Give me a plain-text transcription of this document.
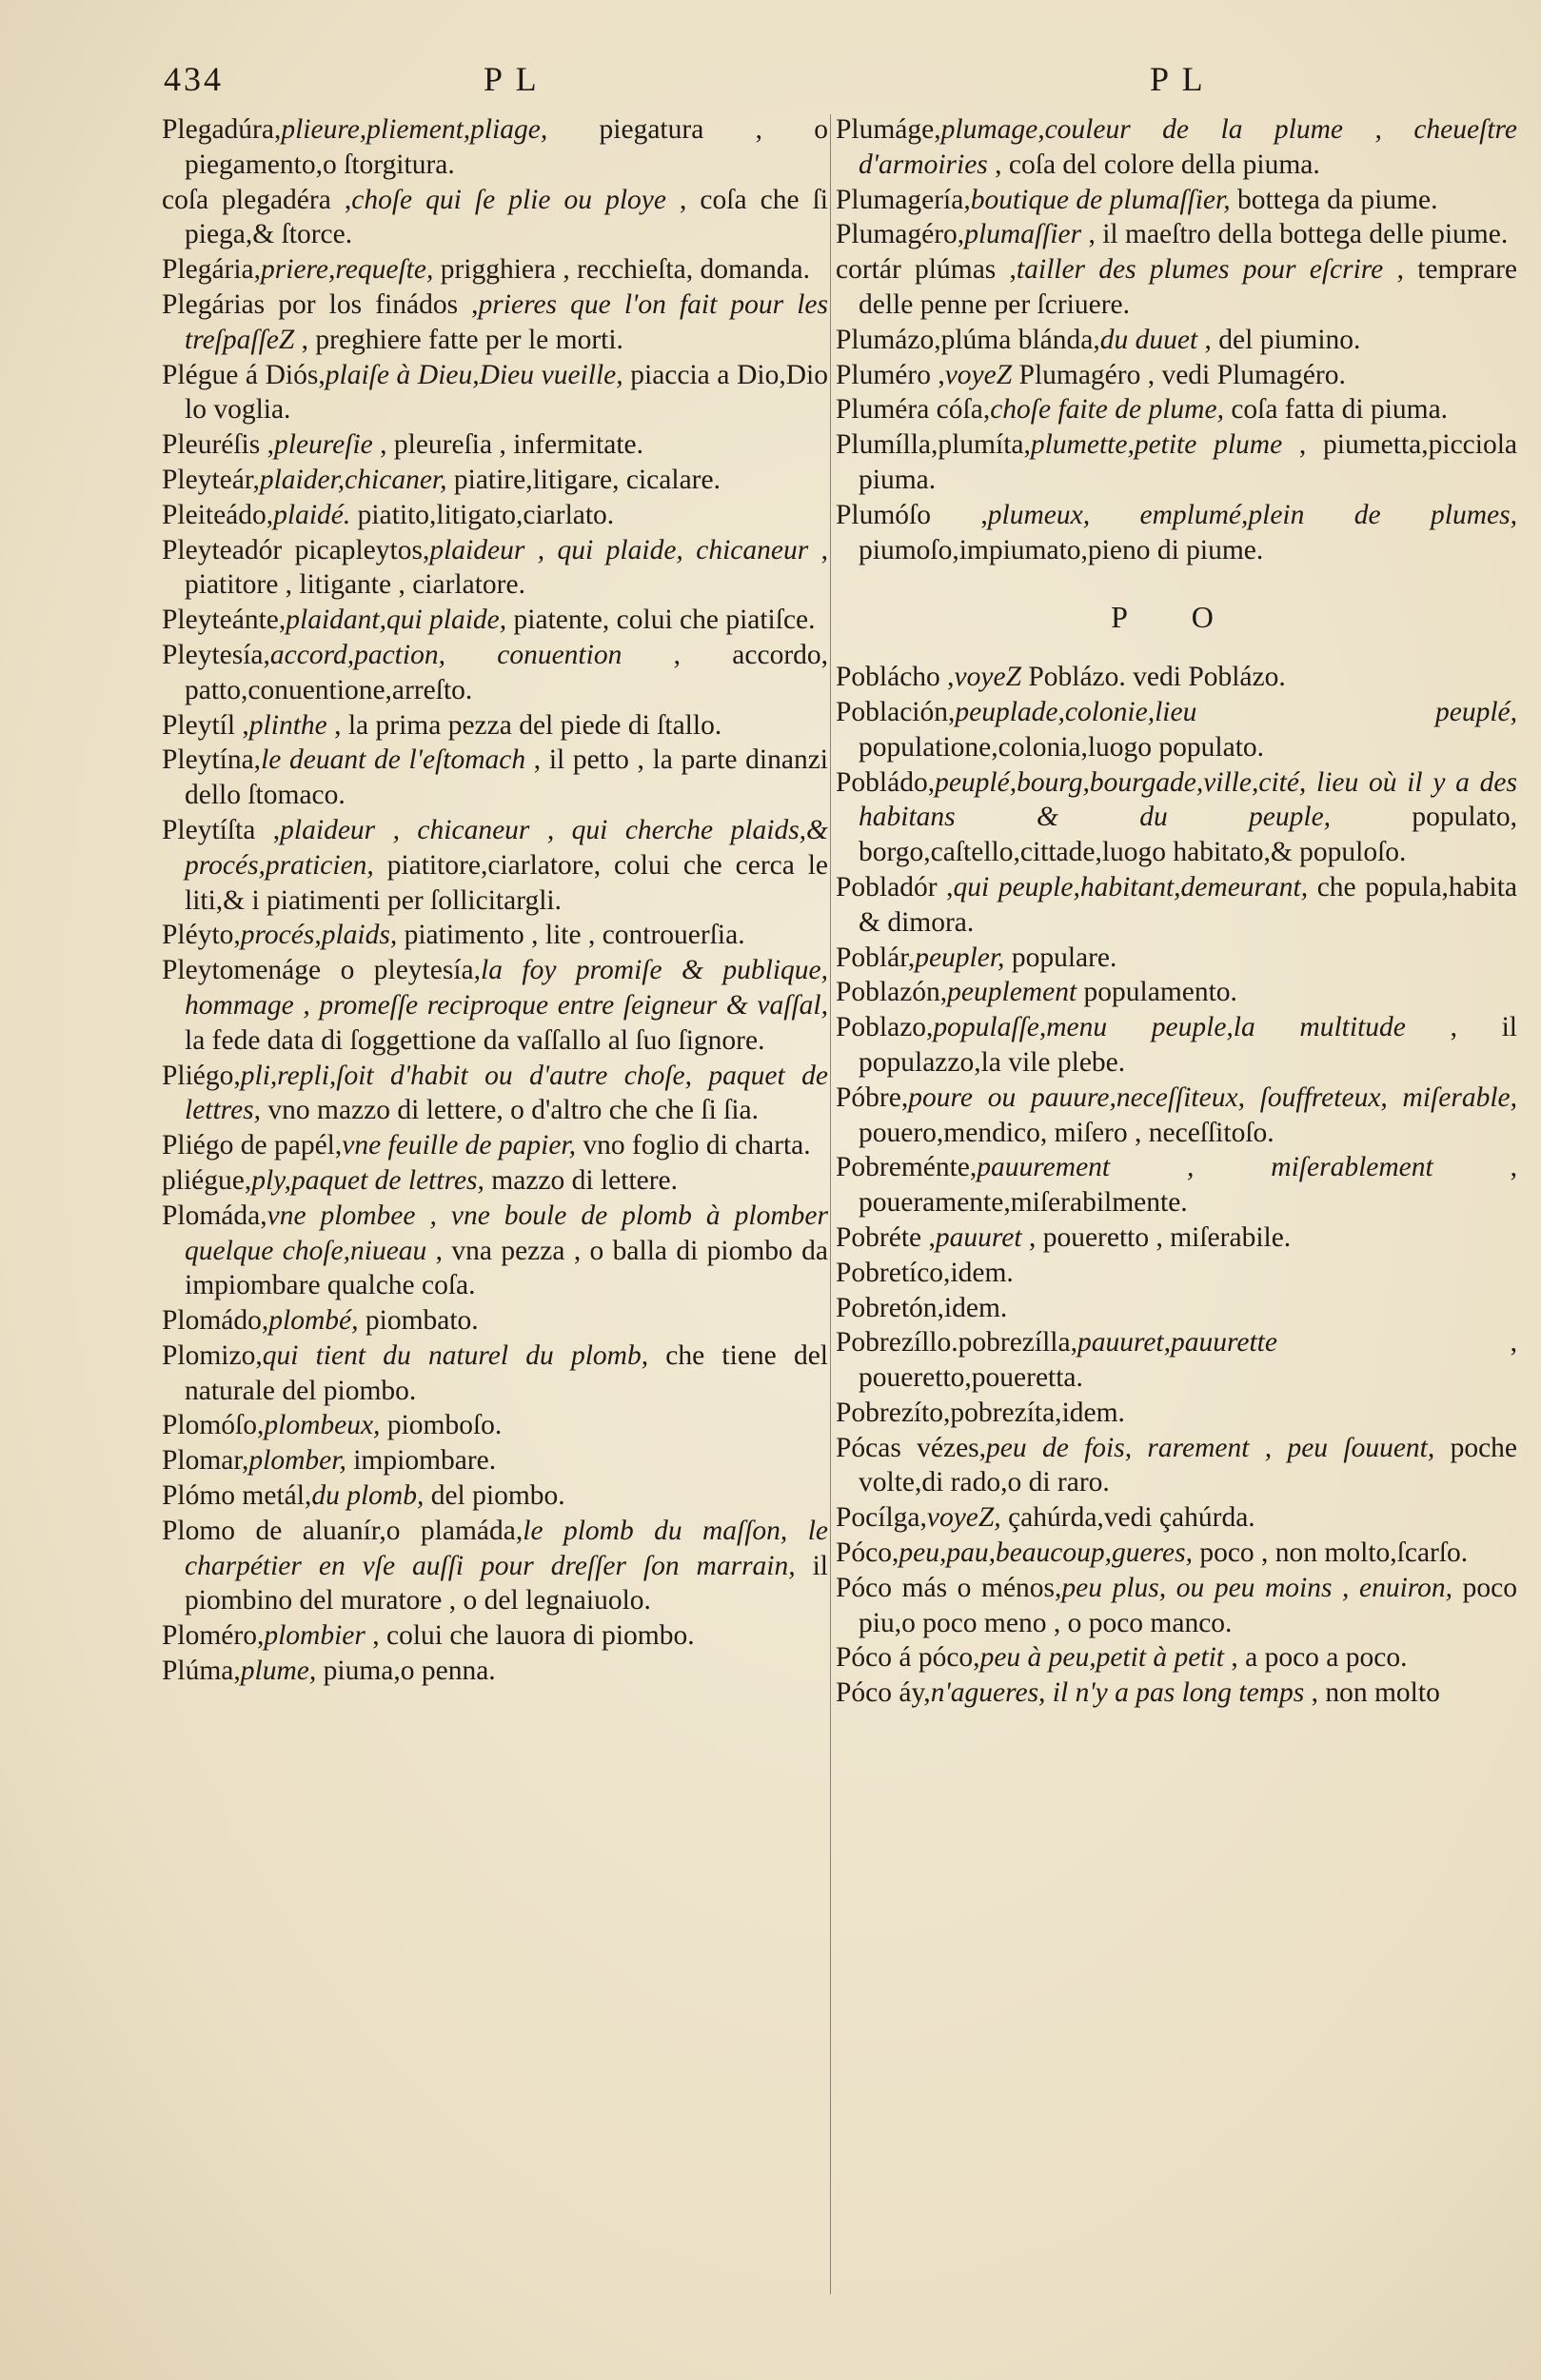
434	P L	P L

Plegadúra,plieure,pliement,pliage, piegatura , o piegamento,o ſtorgitura.

coſa plegadéra ,choſe qui ſe plie ou ploye , coſa che ſi piega,& ſtorce.

Plegária,priere,requeſte, prigghiera , recchieſta, domanda.

Plegárias por los finádos ,prieres que l'on fait pour les treſpaſſeZ , preghiere fatte per le morti.

Plégue á Diós,plaiſe à Dieu,Dieu vueille, piaccia a Dio,Dio lo voglia.

Pleuréſis ,pleureſie , pleureſia , infermitate.

Pleyteár,plaider,chicaner, piatire,litigare, cicalare.

Pleiteádo,plaidé. piatito,litigato,ciarlato.

Pleyteadór picapleytos,plaideur , qui plaide, chicaneur , piatitore , litigante , ciarlatore.

Pleyteánte,plaidant,qui plaide, piatente, colui che piatiſce.

Pleytesía,accord,paction, conuention , accordo, patto,conuentione,arreſto.

Pleytíl ,plinthe , la prima pezza del piede di ſtallo.

Pleytína,le deuant de l'eſtomach , il petto , la parte dinanzi dello ſtomaco.

Pleytíſta ,plaideur , chicaneur , qui cherche plaids,& procés,praticien, piatitore,ciarlatore, colui che cerca le liti,& i piatimenti per ſollicitargli.

Pléyto,procés,plaids, piatimento , lite , controuerſia.

Pleytomenáge o pleytesía,la foy promiſe & publique, hommage , promeſſe reciproque entre ſeigneur & vaſſal, la fede data di ſoggettione da vaſſallo al ſuo ſignore.

Pliégo,pli,repli,ſoit d'habit ou d'autre choſe, paquet de lettres, vno mazzo di lettere, o d'altro che che ſi ſia.

Pliégo de papél,vne feuille de papier, vno foglio di charta.

pliégue,ply,paquet de lettres, mazzo di lettere.

Plomáda,vne plombee , vne boule de plomb à plomber quelque choſe,niueau , vna pezza , o balla di piombo da impiombare qualche coſa.

Plomádo,plombé, piombato.

Plomizo,qui tient du naturel du plomb, che tiene del naturale del piombo.

Plomóſo,plombeux, piomboſo.

Plomar,plomber, impiombare.

Plómo metál,du plomb, del piombo.

Plomo de aluanír,o plamáda,le plomb du maſſon, le charpétier en vſe auſſi pour dreſſer ſon marrain, il piombino del muratore , o del legnaiuolo.

Ploméro,plombier , colui che lauora di piombo.

Plúma,plume, piuma,o penna.

Plumáge,plumage,couleur de la plume , cheueſtre d'armoiries , coſa del colore della piuma.

Plumagería,boutique de plumaſſier, bottega da piume.

Plumagéro,plumaſſier , il maeſtro della bottega delle piume.

cortár plúmas ,tailler des plumes pour eſcrire , temprare delle penne per ſcriuere.

Plumázo,plúma blánda,du duuet , del piumino.

Pluméro ,voyeZ Plumagéro , vedi Plumagéro.

Pluméra cóſa,choſe faite de plume, coſa fatta di piuma.

Plumílla,plumíta,plumette,petite plume , piumetta,picciola piuma.

Plumóſo ,plumeux, emplumé,plein de plumes, piumoſo,impiumato,pieno di piume.

P O

Poblácho ,voyeZ Poblázo. vedi Poblázo.

Población,peuplade,colonie,lieu peuplé, populatione,colonia,luogo populato.

Pobládo,peuplé,bourg,bourgade,ville,cité, lieu où il y a des habitans & du peuple,	populato, borgo,caſtello,cittade,luogo habitato,& populoſo.

Pobladór ,qui peuple,habitant,demeurant, che popula,habita & dimora.

Poblár,peupler, populare.

Poblazón,peuplement populamento.

Poblazo,populaſſe,menu peuple,la multitude , il populazzo,la vile plebe.

Póbre,poure ou pauure,neceſſiteux, ſouffreteux, miſerable, pouero,mendico, miſero , neceſſitoſo.

Pobreménte,pauurement , miſerablement	, poueramente,miſerabilmente.

Pobréte ,pauuret , poueretto , miſerabile.

Pobretíco,idem.

Pobretón,idem.

Pobrezíllo.pobrezílla,pauuret,pauurette	, poueretto,poueretta.

Pobrezíto,pobrezíta,idem.

Pócas vézes,peu de fois, rarement , peu ſouuent, poche volte,di rado,o di raro.

Pocílga,voyeZ, çahúrda,vedi çahúrda.

Póco,peu,pau,beaucoup,gueres, poco , non molto,ſcarſo.

Póco más o ménos,peu plus, ou peu moins , enuiron, poco piu,o poco meno , o poco manco.

Póco á póco,peu à peu,petit à petit , a poco a poco.

Póco áy,n'agueres, il n'y a pas long temps , non molto
